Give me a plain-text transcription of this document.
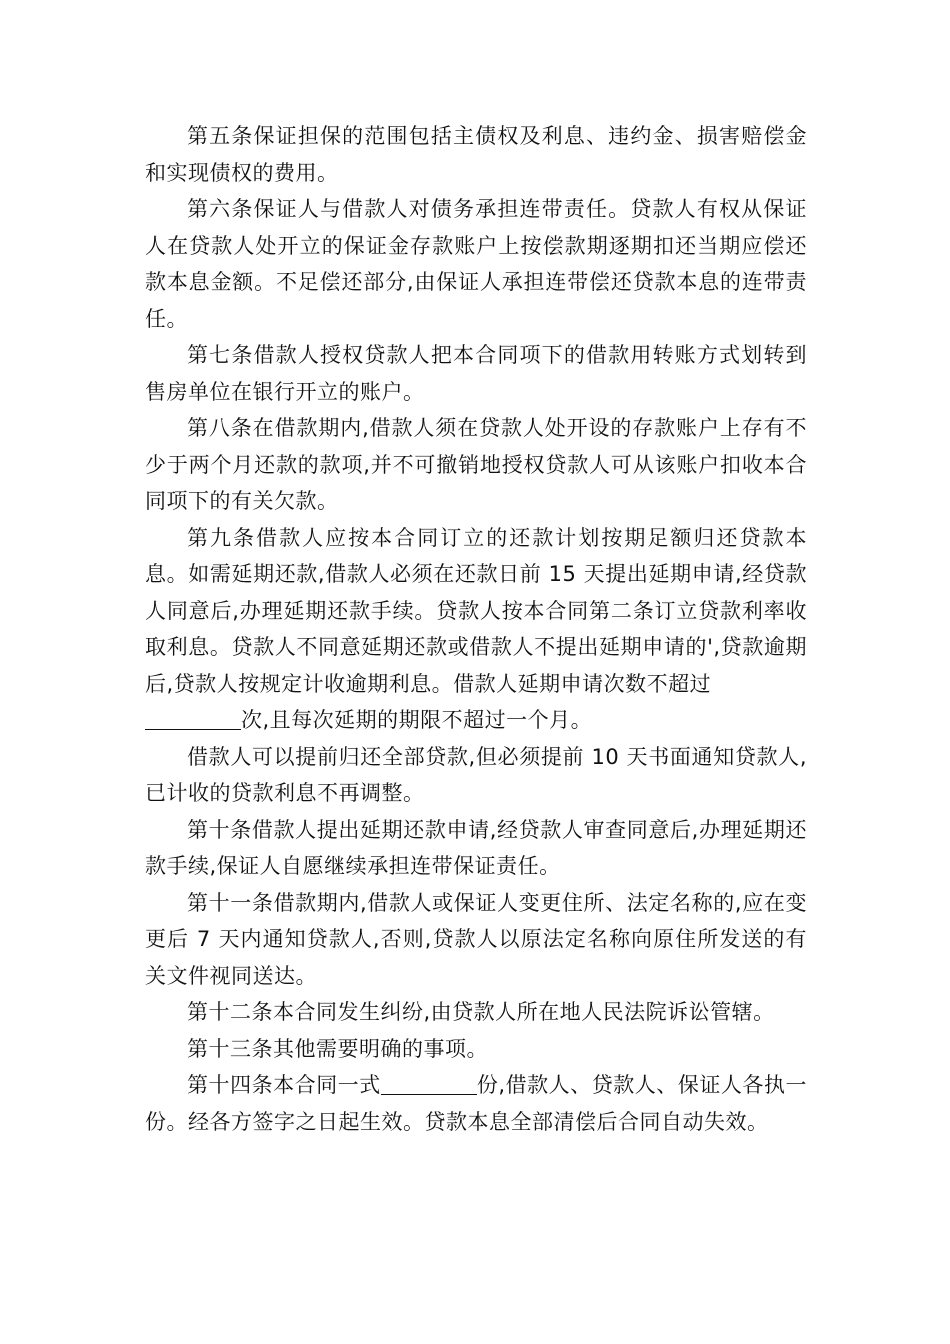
第五条保证担保的范围包括主债权及利息、违约金、损害赔偿金和实现债权的费用。

第六条保证人与借款人对债务承担连带责任。贷款人有权从保证人在贷款人处开立的保证金存款账户上按偿款期逐期扣还当期应偿还款本息金额。不足偿还部分,由保证人承担连带偿还贷款本息的连带责任。

第七条借款人授权贷款人把本合同项下的借款用转账方式划转到售房单位在银行开立的账户。

第八条在借款期内,借款人须在贷款人处开设的存款账户上存有不少于两个月还款的款项,并不可撤销地授权贷款人可从该账户扣收本合同项下的有关欠款。

第九条借款人应按本合同订立的还款计划按期足额归还贷款本息。如需延期还款,借款人必须在还款日前 15 天提出延期申请,经贷款人同意后,办理延期还款手续。贷款人按本合同第二条订立贷款利率收取利息。贷款人不同意延期还款或借款人不提出延期申请的',贷款逾期后,贷款人按规定计收逾期利息。借款人延期申请次数不超过
次,且每次延期的期限不超过一个月。

借款人可以提前归还全部贷款,但必须提前 10 天书面通知贷款人,已计收的贷款利息不再调整。

第十条借款人提出延期还款申请,经贷款人审查同意后,办理延期还款手续,保证人自愿继续承担连带保证责任。

第十一条借款期内,借款人或保证人变更住所、法定名称的,应在变更后 7 天内通知贷款人,否则,贷款人以原法定名称向原住所发送的有关文件视同送达。

第十二条本合同发生纠纷,由贷款人所在地人民法院诉讼管辖。

第十三条其他需要明确的事项。

第十四条本合同一式	份,借款人、贷款人、保证人各执一份。经各方签字之日起生效。贷款本息全部清偿后合同自动失效。
